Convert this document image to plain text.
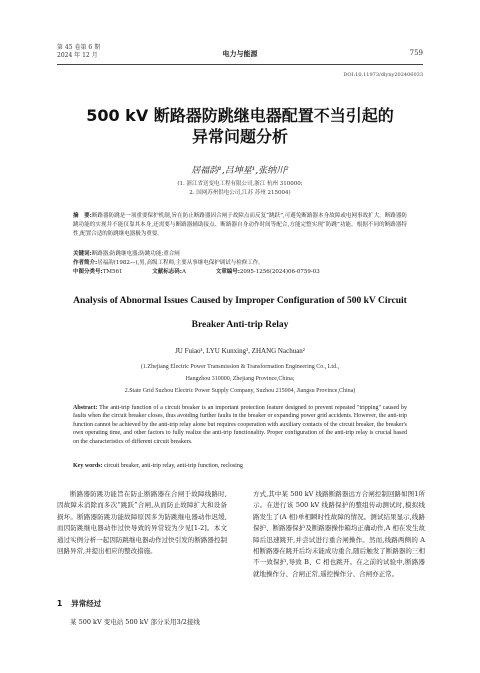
第 45 卷第 6 期
2024 年 12 月	电力与能源	759
DOI:10.11973/dlyny202406033
500 kV 断路器防跳继电器配置不当引起的
异常问题分析
居福韵¹,吕坤星¹,张纳川²
(1. 浙江省送变电工程有限公司,浙江 杭州 310000;
2. 国网苏州供电公司,江苏 苏州 215004)
摘　要:断路器防跳是一项重要保护机制,旨在防止断路器因合闸于故障点而反复“跳跃”,可避免断路器本身故障或电网事故扩大。断路器防跳功能的实现并不能仅靠其本身,还需要与断路器辅助接点、断路器自身动作时间等配合,方能完整实现“防跳”功能。根据不同的断路器特性,配置合适的防跳继电器极为重要。
关键词:断路器;防跳继电器;防跳功能;重合闸
作者简介:居福韵(1982—),男,高级工程师,主要从事继电保护调试与检修工作。
中图分类号:TM561	文献标志码:A	文章编号:2095-1256(2024)06-0759-03
Analysis of Abnormal Issues Caused by Improper Configuration of 500 kV Circuit
Breaker Anti-trip Relay
JU Fuiao¹, LYU Kunxing¹, ZHANG Nachuan²
(1.Zhejiang Electric Power Transmission & Transformation Engineering Co., Ltd.,
Hangzhou 310000, Zhejiang Province,China;
2.State Grid Suzhou Electric Power Supply Company, Suzhou 215004, Jiangsu Province,China)
Abstract: The anti-trip function of a circuit breaker is an important protection feature designed to prevent repeated "tripping" caused by faults when the circuit breaker closes, thus avoiding further faults in the breaker or expanding power grid accidents. However, the anti-trip function cannot be achieved by the anti-trip relay alone but requires cooperation with auxiliary contacts of the circuit breaker, the breaker's own operating time, and other factors to fully realize the anti-trip functionality. Proper configuration of the anti-trip relay is crucial based on the characteristics of different circuit breakers.
Key words: circuit breaker, anti-trip relay, anti-trip function, reclosing

断路器防跳功能旨在防止断路器在合闸于故障线路时,因故障未消除而多次“跳跃”合闸,从而防止故障扩大和设备损坏。断路器防跳功能故障原因多为防跳继电器动作迟缓,而因防跳继电器动作过快导致的异常较为少见[1-2]。本文通过实例分析一起因防跳继电器动作过快引发的断路器控制回路异常,并提出相应的整改措施。

1 异常经过

某 500 kV 变电站 500 kV 部分采用3/2接线

方式,其中某 500 kV 线路断路器远方合闸控制回路如图1所示。在进行该 500 kV 线路保护的整组传动测试时,模拟线路发生了(A 相)单相瞬时性故障的情况。测试结果显示,线路保护、断路器保护及断路器操作箱均正确动作,A 相在发生故障后迅速跳开,并尝试进行重合闸操作。然而,线路两侧的 A 相断路器在跳开后均未能成功重合,随后触发了断路器的三相不一致保护,导致 B、C 相也跳开。在之前的试验中,断路器就地操作分、合闸正常,遥控操作分、合闸亦正常。
